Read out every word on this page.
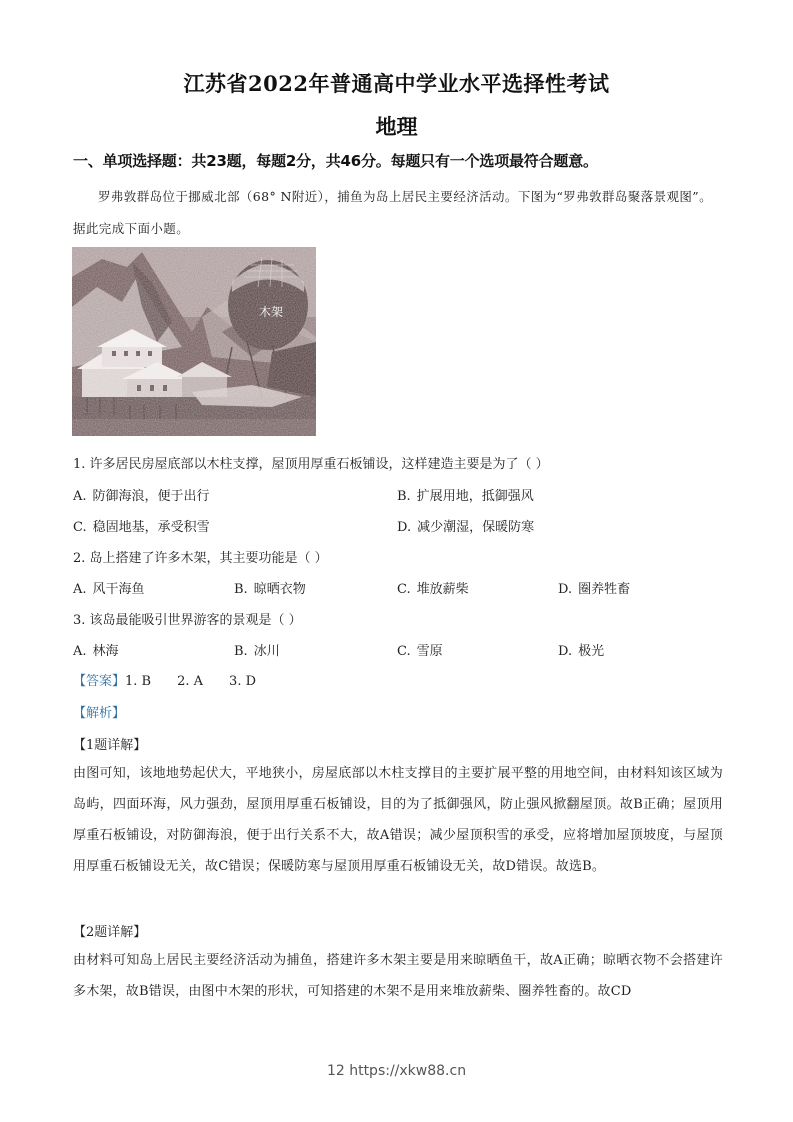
江苏省2022年普通高中学业水平选择性考试
地理
一、单项选择题：共23题，每题2分，共46分。每题只有一个选项最符合题意。
罗弗敦群岛位于挪威北部（68° N附近），捕鱼为岛上居民主要经济活动。下图为“罗弗敦群岛聚落景观图”。据此完成下面小题。
木架
1. 许多居民房屋底部以木柱支撑，屋顶用厚重石板铺设，这样建造主要是为了（ ）
A. 防御海浪，便于出行	B. 扩展用地，抵御强风
C. 稳固地基，承受积雪	D. 减少潮湿，保暖防寒
2. 岛上搭建了许多木架，其主要功能是（ ）
A. 风干海鱼	B. 晾晒衣物	C. 堆放薪柴	D. 圈养牲畜
3. 该岛最能吸引世界游客的景观是（ ）
A. 林海	B. 冰川	C. 雪原	D. 极光
【答案】1. B 2. A 3. D
【解析】
【1题详解】
由图可知，该地地势起伏大，平地狭小，房屋底部以木柱支撑目的主要扩展平整的用地空间，由材料知该区域为岛屿，四面环海，风力强劲，屋顶用厚重石板铺设，目的为了抵御强风，防止强风掀翻屋顶。故B正确；屋顶用厚重石板铺设，对防御海浪，便于出行关系不大，故A错误；减少屋顶积雪的承受，应将增加屋顶坡度，与屋顶用厚重石板铺设无关，故C错误；保暖防寒与屋顶用厚重石板铺设无关，故D错误。故选B。
【2题详解】
由材料可知岛上居民主要经济活动为捕鱼，搭建许多木架主要是用来晾晒鱼干，故A正确；晾晒衣物不会搭建许多木架，故B错误，由图中木架的形状，可知搭建的木架不是用来堆放薪柴、圈养牲畜的。故CD
12 https://xkw88.cn
